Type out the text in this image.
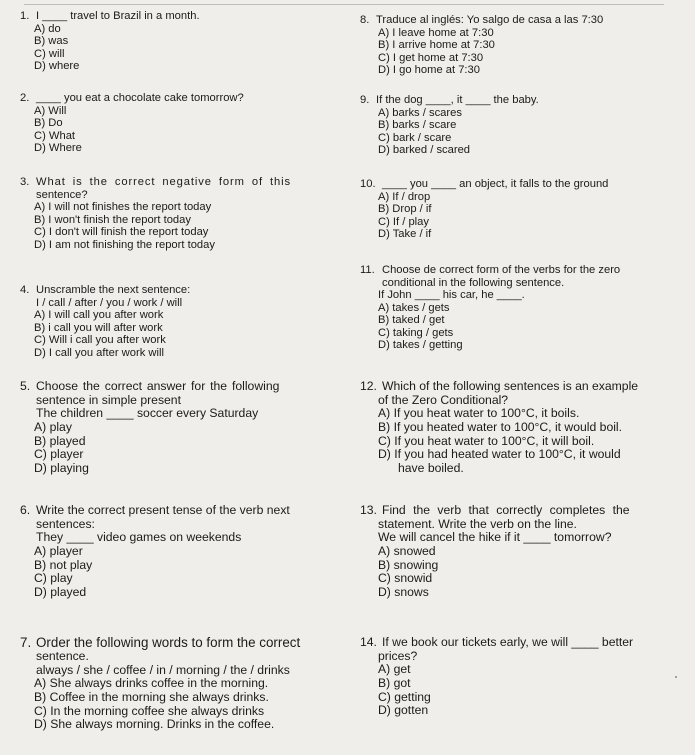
1. I ____ travel to Brazil in a month.
A) do
B) was
C) will
D) where
2. ____ you eat a chocolate cake tomorrow?
A) Will
B) Do
C) What
D) Where
3. What is the correct negative form of this
sentence?
A) I will not finishes the report today
B) I won't finish the report today
C) I don't will finish the report today
D) I am not finishing the report today
4. Unscramble the next sentence:
I / call / after / you / work / will
A) I will call you after work
B) i call you will after work
C) Will i call you after work
D) I call you after work will
5. Choose the correct answer for the following
sentence in simple present
The children ____ soccer every Saturday
A) play
B) played
C) player
D) playing
6. Write the correct present tense of the verb next
sentences:
They ____ video games on weekends
A) player
B) not play
C) play
D) played
7. Order the following words to form the correct
sentence.
always / she / coffee / in / morning / the / drinks
A) She always drinks coffee in the morning.
B) Coffee in the morning she always drinks.
C) In the morning coffee she always drinks
D) She always morning. Drinks in the coffee.
8. Traduce al inglés: Yo salgo de casa a las 7:30
A) I leave home at 7:30
B) I arrive home at 7:30
C) I get home at 7:30
D) I go home at 7:30
9. If the dog ____, it ____ the baby.
A) barks / scares
B) barks / scare
C) bark / scare
D) barked / scared
10. ____ you ____ an object, it falls to the ground
A) If / drop
B) Drop / if
C) If / play
D) Take / if
11. Choose de correct form of the verbs for the zero
conditional in the following sentence.
If John ____ his car, he ____.
A) takes / gets
B) taked / get
C) taking / gets
D) takes / getting
12. Which of the following sentences is an example
of the Zero Conditional?
A) If you heat water to 100°C, it boils.
B) If you heated water to 100°C, it would boil.
C) If you heat water to 100°C, it will boil.
D) If you had heated water to 100°C, it would
have boiled.
13. Find the verb that correctly completes the
statement. Write the verb on the line.
We will cancel the hike if it ____ tomorrow?
A) snowed
B) snowing
C) snowid
D) snows
14. If we book our tickets early, we will ____ better
prices?
A) get
B) got
C) getting
D) gotten
